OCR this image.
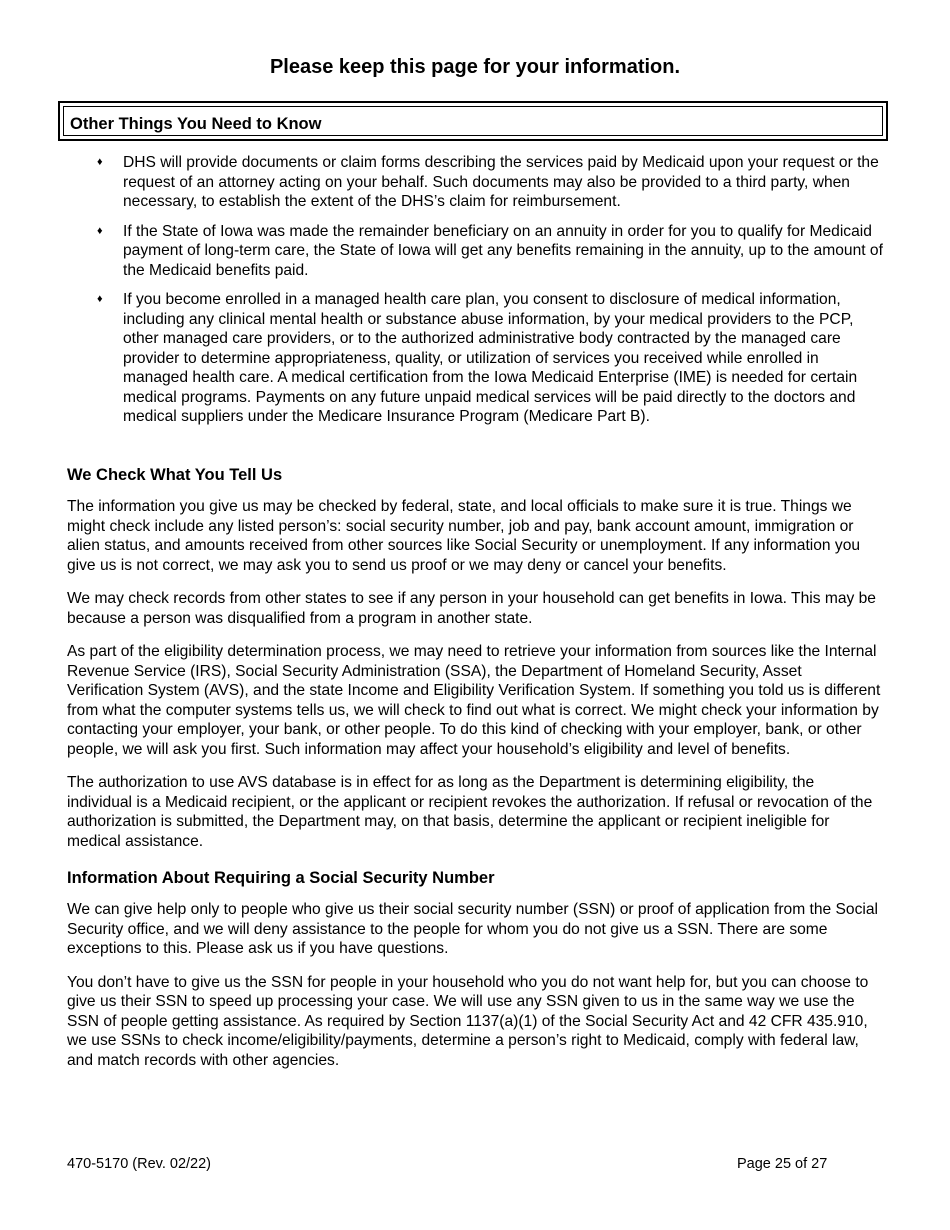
Please keep this page for your information.
Other Things You Need to Know
♦ DHS will provide documents or claim forms describing the services paid by Medicaid upon your request or the request of an attorney acting on your behalf. Such documents may also be provided to a third party, when necessary, to establish the extent of the DHS’s claim for reimbursement.
♦ If the State of Iowa was made the remainder beneficiary on an annuity in order for you to qualify for Medicaid payment of long-term care, the State of Iowa will get any benefits remaining in the annuity, up to the amount of the Medicaid benefits paid.
♦ If you become enrolled in a managed health care plan, you consent to disclosure of medical information, including any clinical mental health or substance abuse information, by your medical providers to the PCP, other managed care providers, or to the authorized administrative body contracted by the managed care provider to determine appropriateness, quality, or utilization of services you received while enrolled in managed health care. A medical certification from the Iowa Medicaid Enterprise (IME) is needed for certain medical programs. Payments on any future unpaid medical services will be paid directly to the doctors and medical suppliers under the Medicare Insurance Program (Medicare Part B).
We Check What You Tell Us

The information you give us may be checked by federal, state, and local officials to make sure it is true. Things we might check include any listed person’s: social security number, job and pay, bank account amount, immigration or alien status, and amounts received from other sources like Social Security or unemployment. If any information you give us is not correct, we may ask you to send us proof or we may deny or cancel your benefits.

We may check records from other states to see if any person in your household can get benefits in Iowa. This may be because a person was disqualified from a program in another state.

As part of the eligibility determination process, we may need to retrieve your information from sources like the Internal Revenue Service (IRS), Social Security Administration (SSA), the Department of Homeland Security, Asset Verification System (AVS), and the state Income and Eligibility Verification System. If something you told us is different from what the computer systems tells us, we will check to find out what is correct. We might check your information by contacting your employer, your bank, or other people. To do this kind of checking with your employer, bank, or other people, we will ask you first. Such information may affect your household’s eligibility and level of benefits.

The authorization to use AVS database is in effect for as long as the Department is determining eligibility, the individual is a Medicaid recipient, or the applicant or recipient revokes the authorization. If refusal or revocation of the authorization is submitted, the Department may, on that basis, determine the applicant or recipient ineligible for medical assistance.

Information About Requiring a Social Security Number

We can give help only to people who give us their social security number (SSN) or proof of application from the Social Security office, and we will deny assistance to the people for whom you do not give us a SSN. There are some exceptions to this. Please ask us if you have questions.

You don’t have to give us the SSN for people in your household who you do not want help for, but you can choose to give us their SSN to speed up processing your case. We will use any SSN given to us in the same way we use the SSN of people getting assistance. As required by Section 1137(a)(1) of the Social Security Act and 42 CFR 435.910, we use SSNs to check income/eligibility/payments, determine a person’s right to Medicaid, comply with federal law, and match records with other agencies.

470-5170 (Rev. 02/22)	Page 25 of 27
